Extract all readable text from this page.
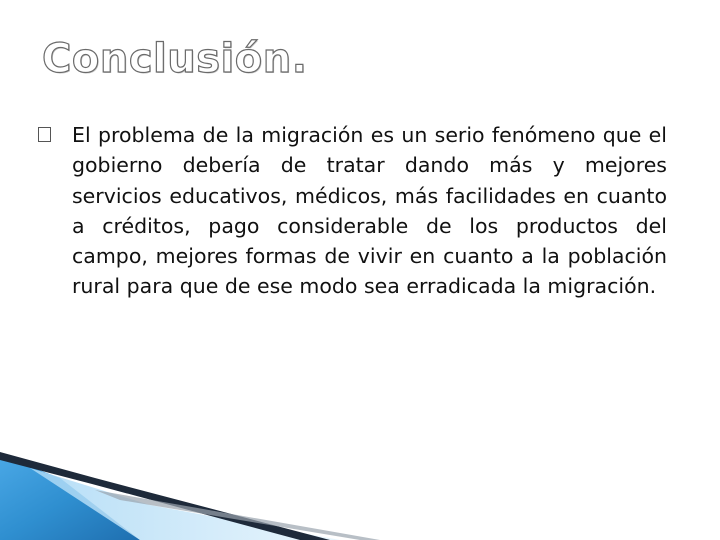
Conclusión.
El problema de la migración es un serio fenómeno que el gobierno debería de tratar dando más y mejores servicios educativos, médicos, más facilidades en cuanto a créditos, pago considerable de los productos del campo, mejores formas de vivir en cuanto a la población rural para que de ese modo sea erradicada la migración.
